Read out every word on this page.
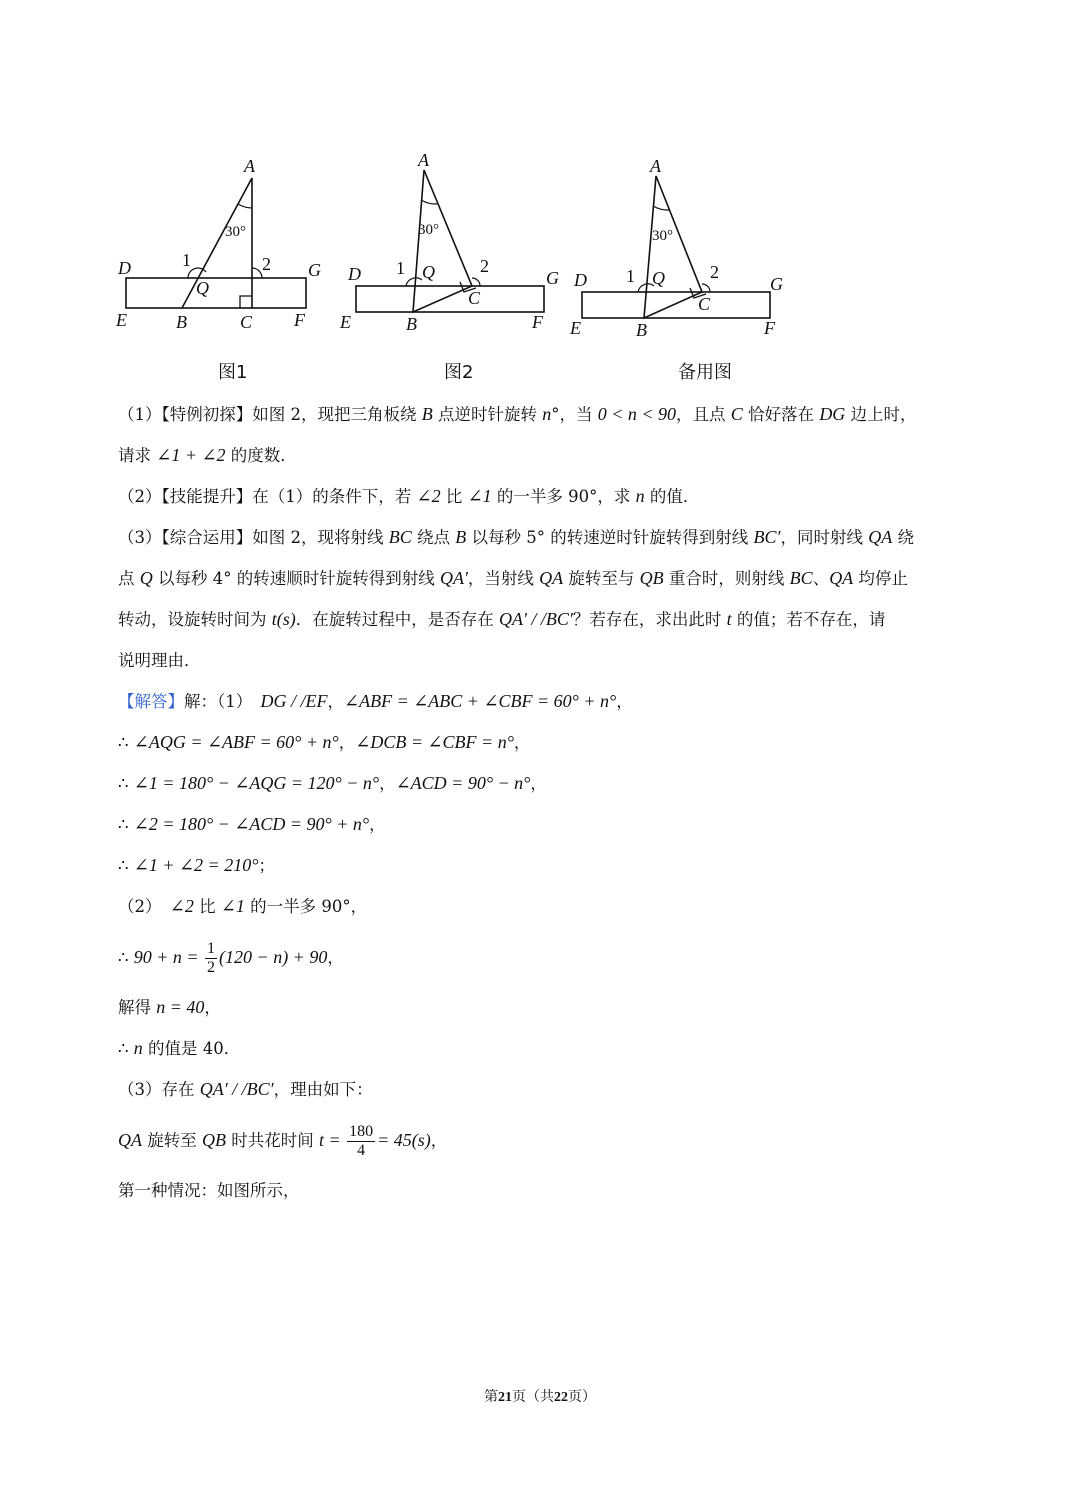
A
30°
D	G
E	B	C F
Q
1	2
图1
A
30°
D	G
E	B
C
F
Q
1	2
图2
A
30°
D	G
E	B
C
F
Q
1	2
备用图
（1）【特例初探】如图 2，现把三角板绕 B 点逆时针旋转 n°，当 0 < n < 90，且点 C 恰好落在 DG 边上时，
请求 ∠1 + ∠2 的度数．
（2）【技能提升】在（1）的条件下，若 ∠2 比 ∠1 的一半多 90°，求 n 的值．
（3）【综合运用】如图 2，现将射线 BC 绕点 B 以每秒 5° 的转速逆时针旋转得到射线 BC′，同时射线 QA 绕
点 Q 以每秒 4° 的转速顺时针旋转得到射线 QA′，当射线 QA 旋转至与 QB 重合时，则射线 BC、QA 均停止
转动，设旋转时间为 t(s)．在旋转过程中，是否存在 QA′ / /BC′？若存在，求出此时 t 的值；若不存在，请
说明理由．
【解答】解：（1）　DG / /EF，∠ABF = ∠ABC + ∠CBF = 60° + n°，
∴ ∠AQG = ∠ABF = 60° + n°，∠DCB = ∠CBF = n°，
∴ ∠1 = 180° − ∠AQG = 120° − n°，∠ACD = 90° − n°，
∴ ∠2 = 180° − ∠ACD = 90° + n°，
∴ ∠1 + ∠2 = 210°；
（2）　∠2 比 ∠1 的一半多 90°，
∴ $90 + n = \frac{1}{2} (120 - n) + 90$，
解得 n = 40，
∴ n 的值是 40．
（3）存在 QA′ / /BC′，理由如下：
QA 旋转至 QB 时共花时间 $t = \frac{180}{4} = 45(s)$，
第一种情况：如图所示，
第21页（共22页）
